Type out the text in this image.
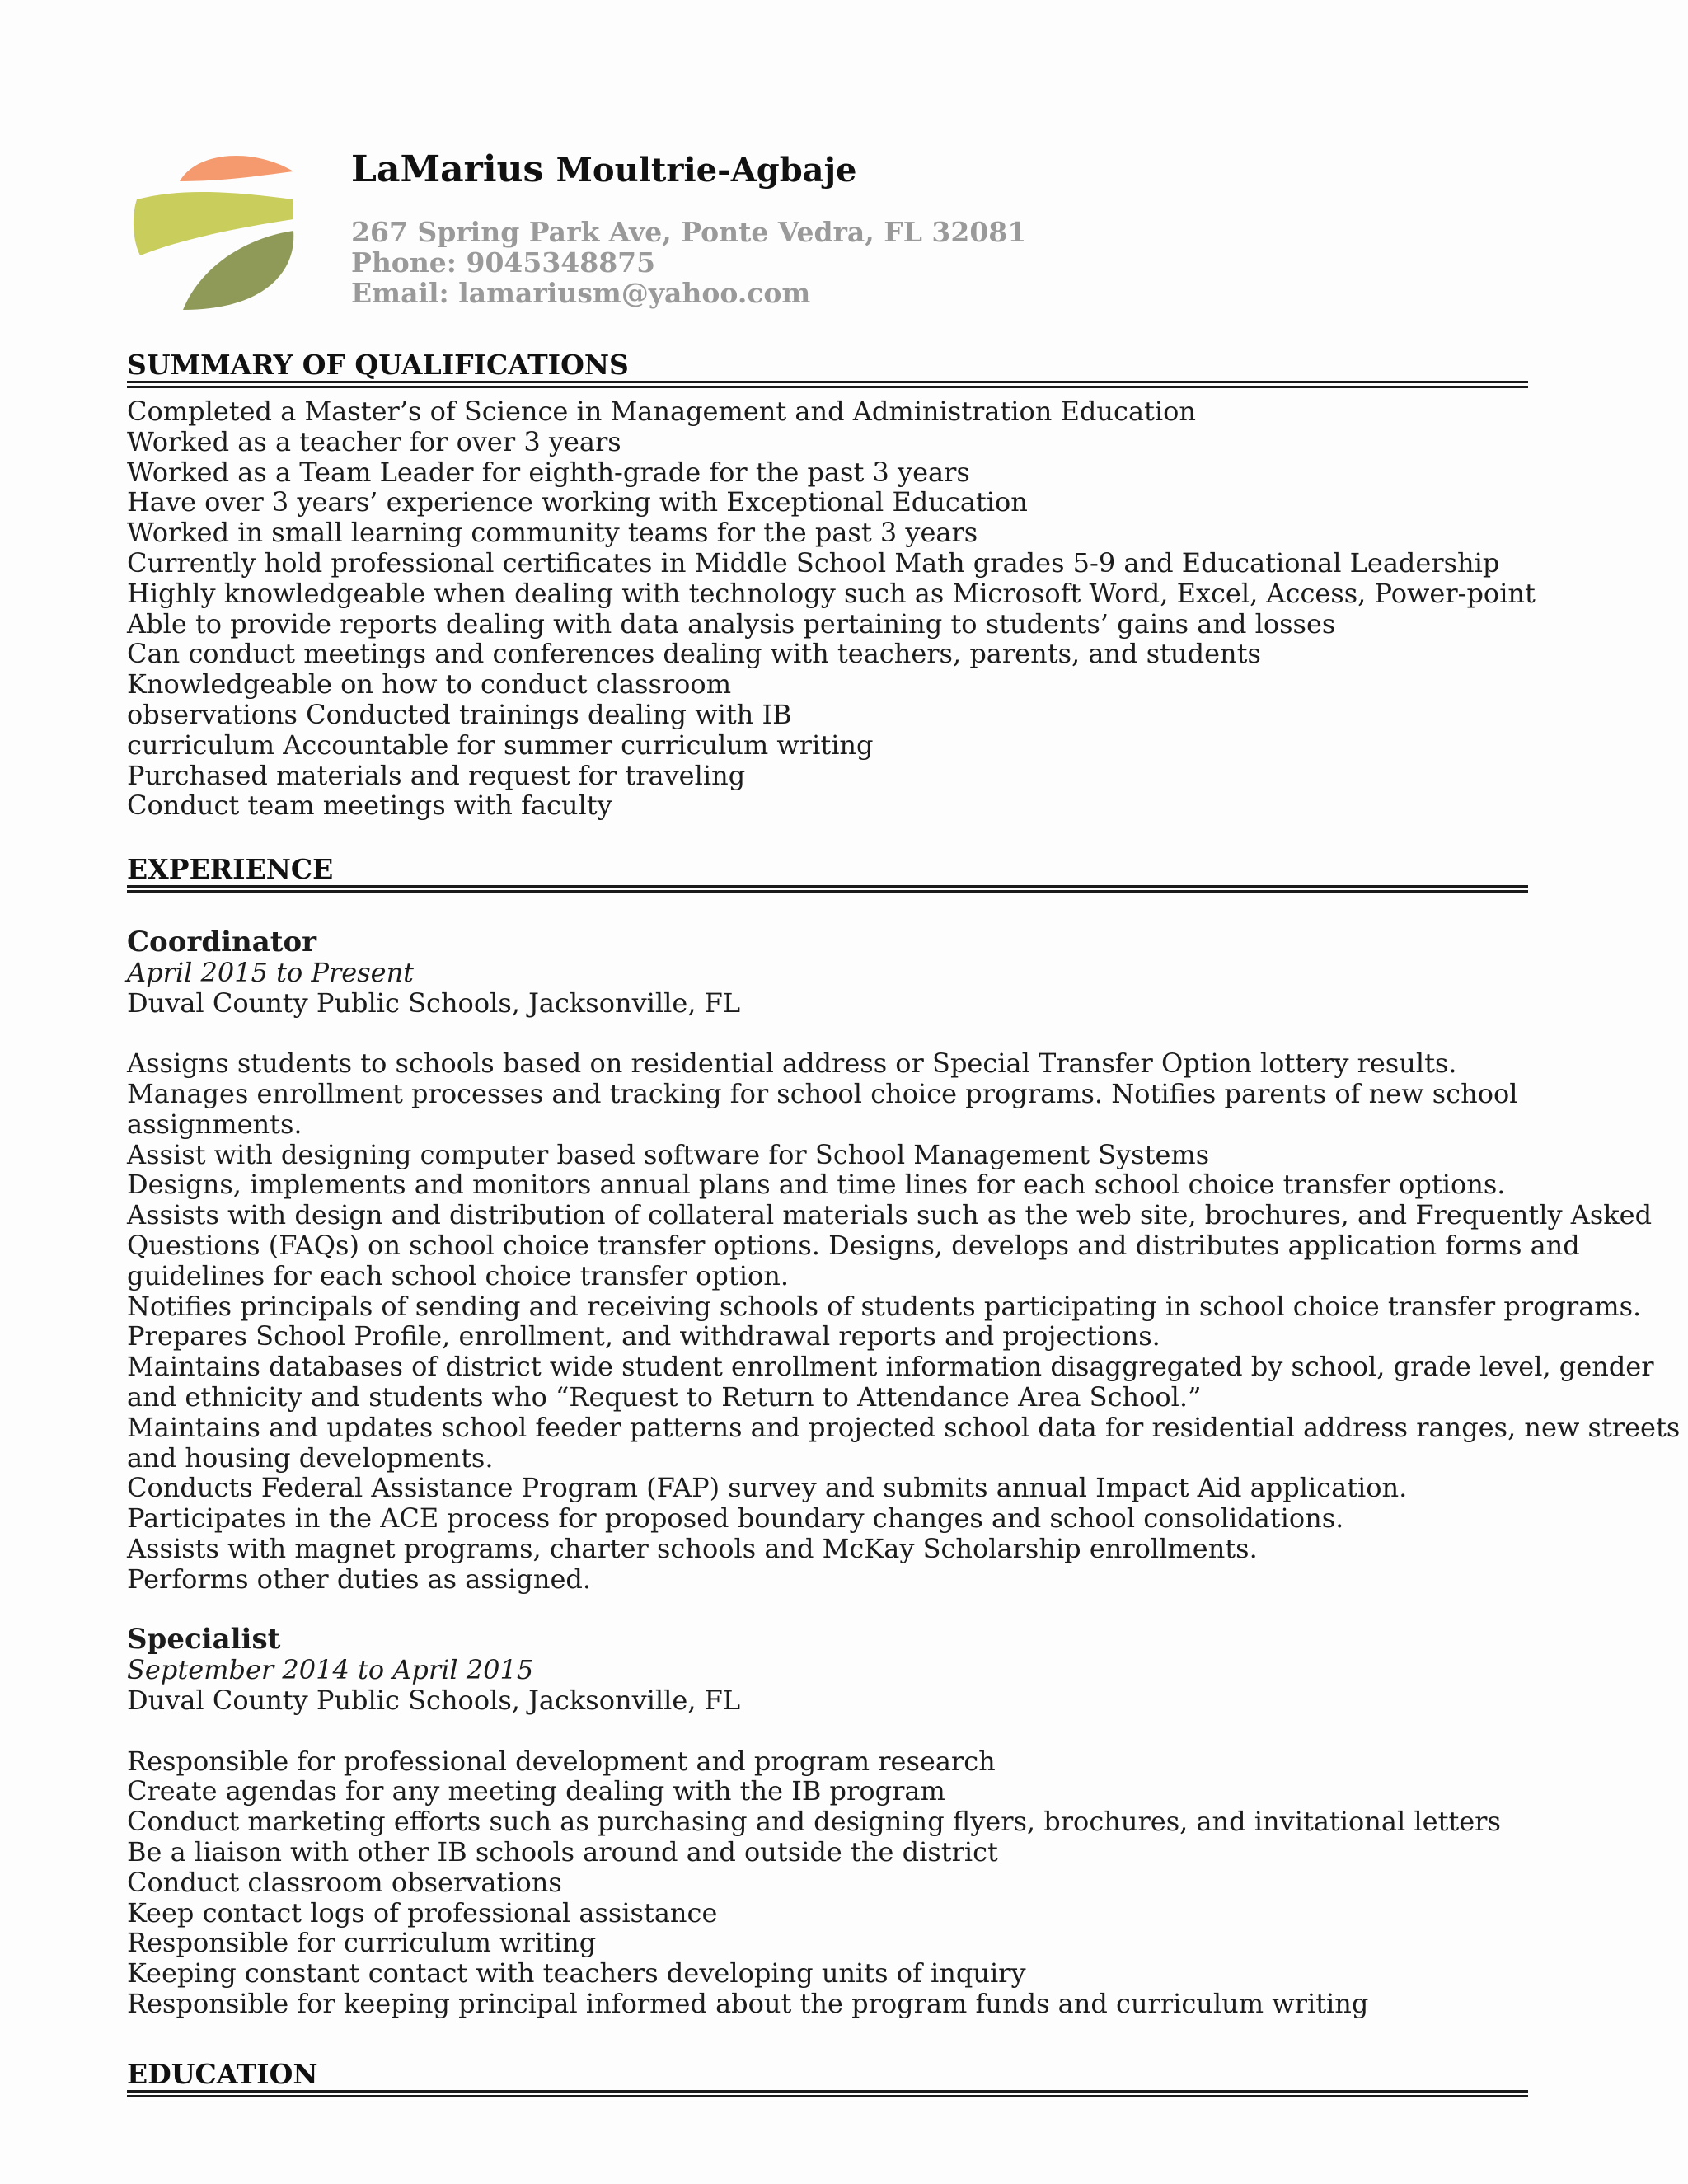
LaMarius Moultrie-Agbaje
267 Spring Park Ave, Ponte Vedra, FL 32081
Phone: 9045348875
Email: lamariusm@yahoo.com
SUMMARY OF QUALIFICATIONS
Completed a Master’s of Science in Management and Administration Education
Worked as a teacher for over 3 years
Worked as a Team Leader for eighth-grade for the past 3 years
Have over 3 years’ experience working with Exceptional Education
Worked in small learning community teams for the past 3 years
Currently hold professional certificates in Middle School Math grades 5-9 and Educational Leadership
Highly knowledgeable when dealing with technology such as Microsoft Word, Excel, Access, Power-point
Able to provide reports dealing with data analysis pertaining to students’ gains and losses
Can conduct meetings and conferences dealing with teachers, parents, and students
Knowledgeable on how to conduct classroom
observations Conducted trainings dealing with IB
curriculum Accountable for summer curriculum writing
Purchased materials and request for traveling
Conduct team meetings with faculty
EXPERIENCE
Coordinator
April 2015 to Present
Duval County Public Schools, Jacksonville, FL
Assigns students to schools based on residential address or Special Transfer Option lottery results.
Manages enrollment processes and tracking for school choice programs. Notifies parents of new school
assignments.
Assist with designing computer based software for School Management Systems
Designs, implements and monitors annual plans and time lines for each school choice transfer options.
Assists with design and distribution of collateral materials such as the web site, brochures, and Frequently Asked
Questions (FAQs) on school choice transfer options. Designs, develops and distributes application forms and
guidelines for each school choice transfer option.
Notifies principals of sending and receiving schools of students participating in school choice transfer programs.
Prepares School Profile, enrollment, and withdrawal reports and projections.
Maintains databases of district wide student enrollment information disaggregated by school, grade level, gender
and ethnicity and students who “Request to Return to Attendance Area School.”
Maintains and updates school feeder patterns and projected school data for residential address ranges, new streets
and housing developments.
Conducts Federal Assistance Program (FAP) survey and submits annual Impact Aid application.
Participates in the ACE process for proposed boundary changes and school consolidations.
Assists with magnet programs, charter schools and McKay Scholarship enrollments.
Performs other duties as assigned.
Specialist
September 2014 to April 2015
Duval County Public Schools, Jacksonville, FL
Responsible for professional development and program research
Create agendas for any meeting dealing with the IB program
Conduct marketing efforts such as purchasing and designing flyers, brochures, and invitational letters
Be a liaison with other IB schools around and outside the district
Conduct classroom observations
Keep contact logs of professional assistance
Responsible for curriculum writing
Keeping constant contact with teachers developing units of inquiry
Responsible for keeping principal informed about the program funds and curriculum writing
EDUCATION
